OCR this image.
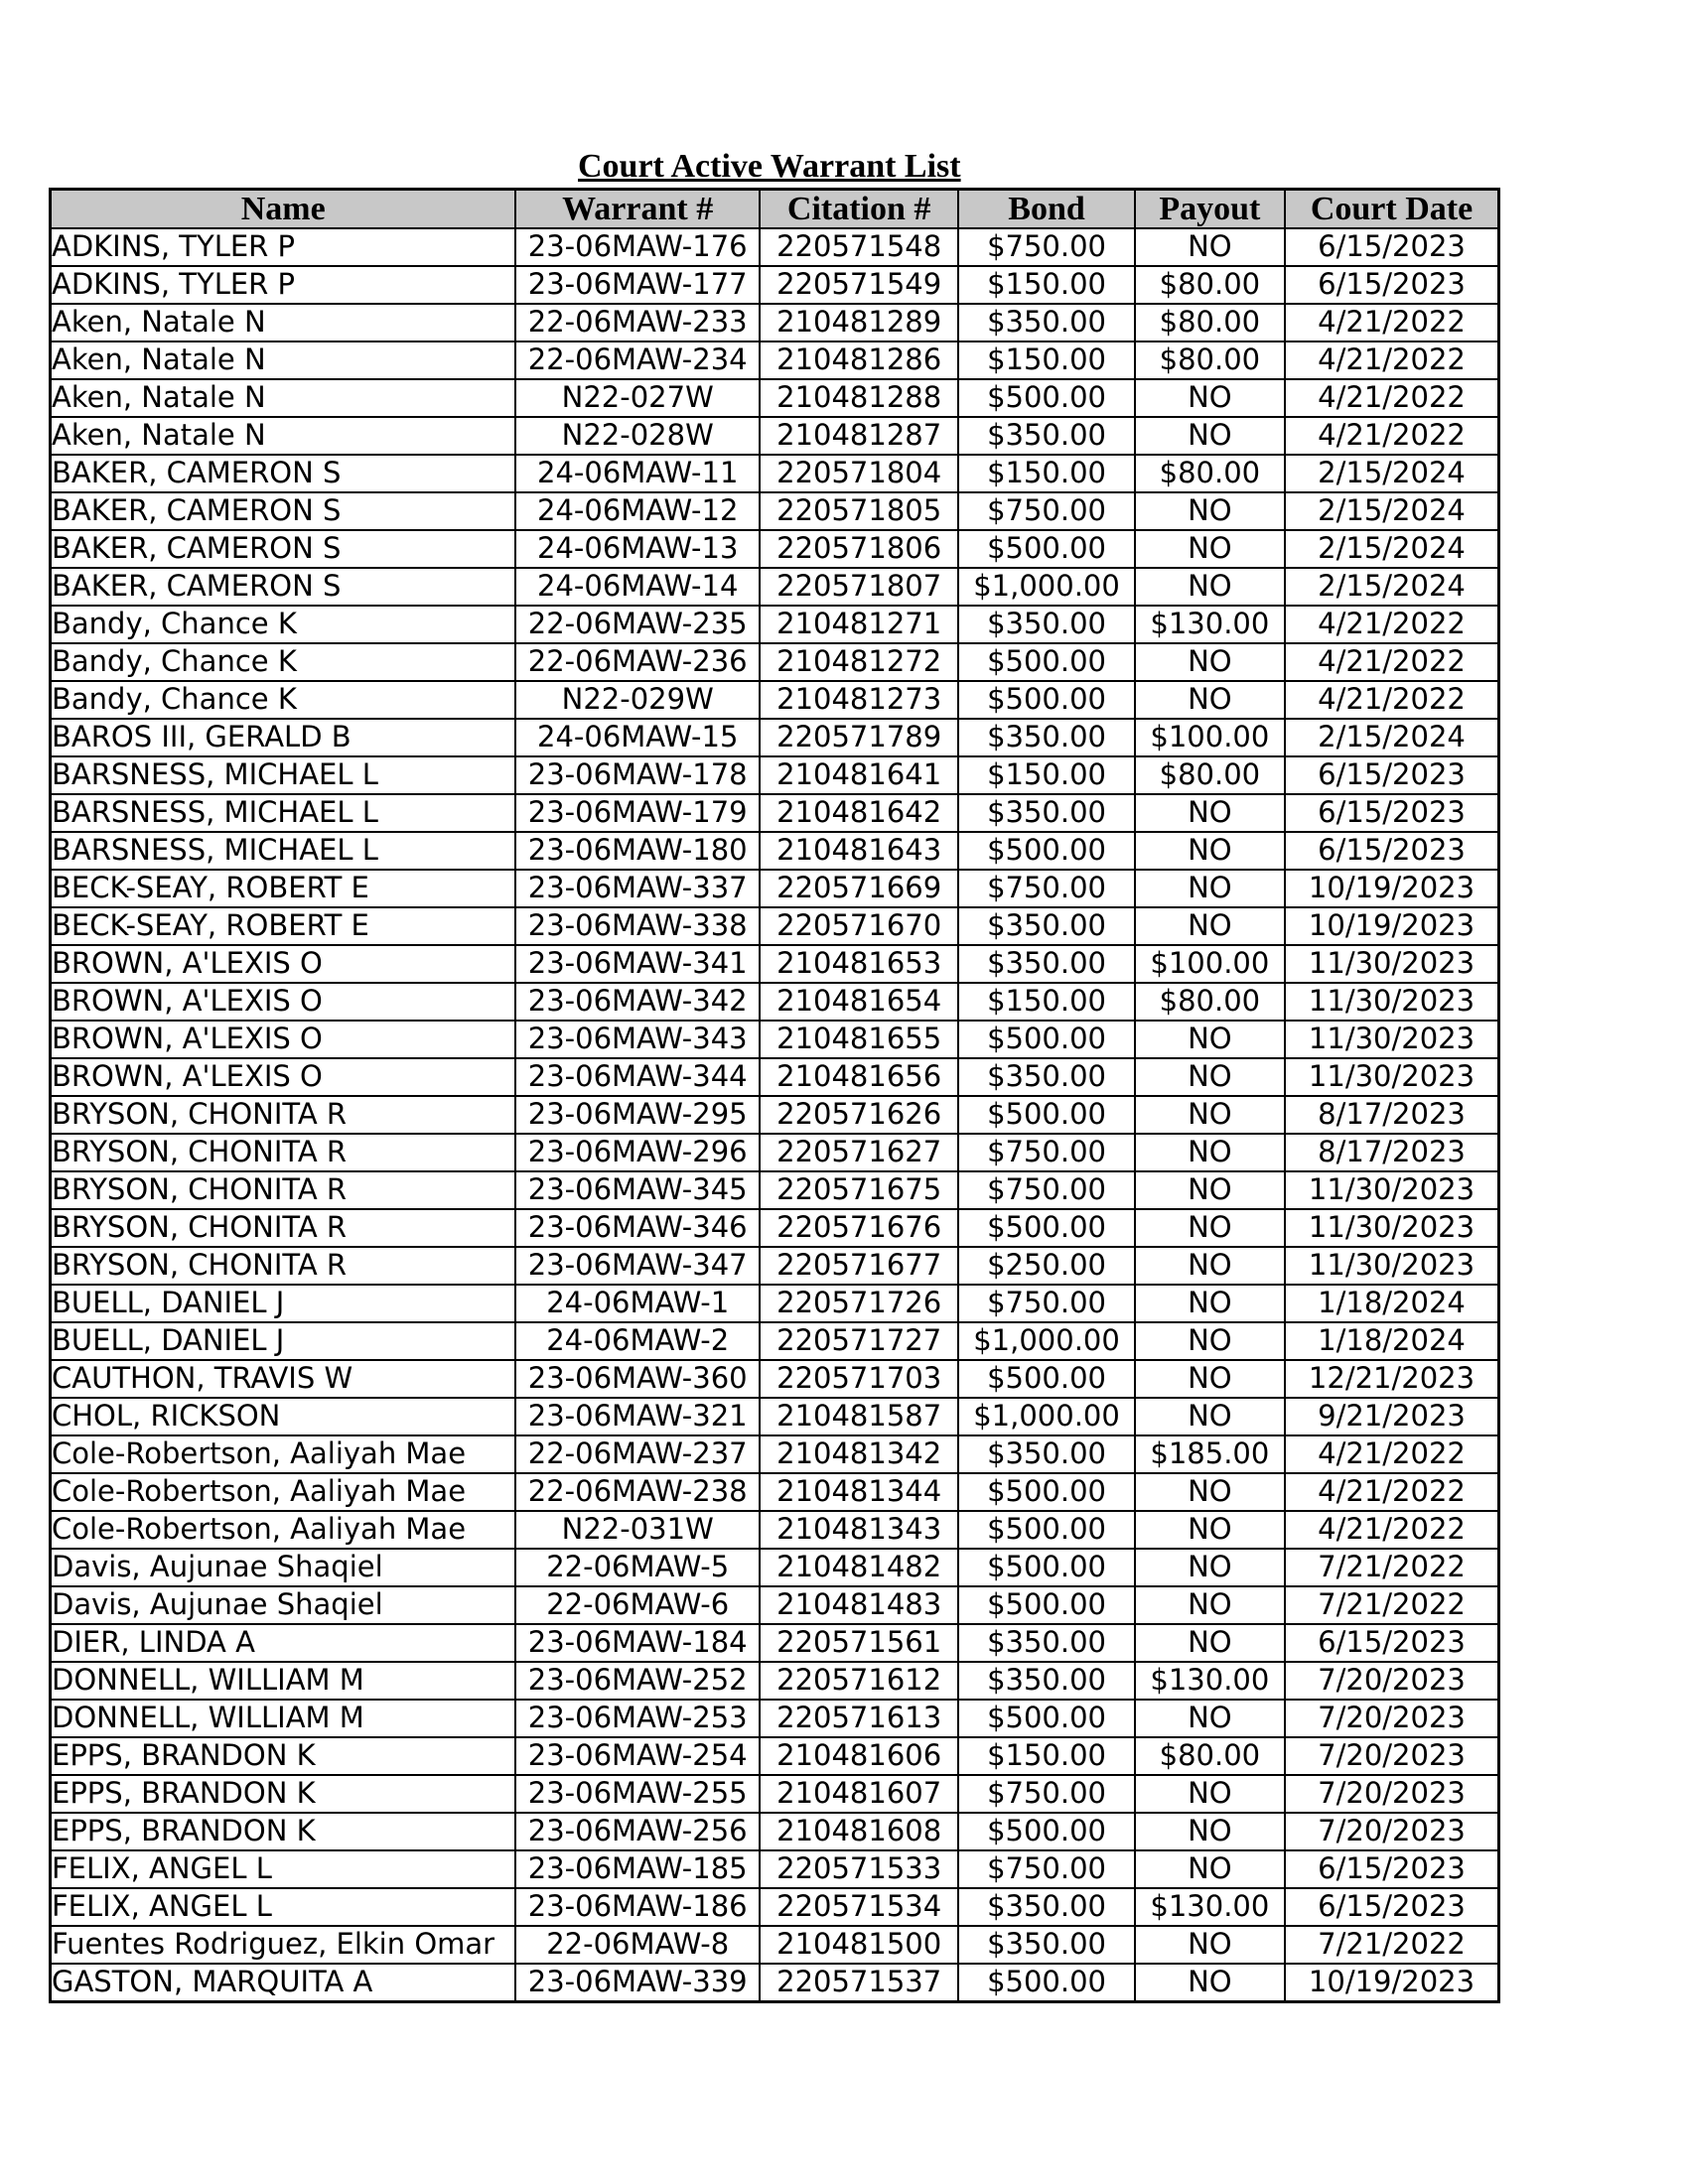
Court Active Warrant List
Name	Warrant #	Citation #	Bond	Payout	Court Date
ADKINS, TYLER P	23-06MAW-176	220571548	$750.00	NO	6/15/2023
ADKINS, TYLER P	23-06MAW-177	220571549	$150.00	$80.00	6/15/2023
Aken, Natale N	22-06MAW-233	210481289	$350.00	$80.00	4/21/2022
Aken, Natale N	22-06MAW-234	210481286	$150.00	$80.00	4/21/2022
Aken, Natale N	N22-027W	210481288	$500.00	NO	4/21/2022
Aken, Natale N	N22-028W	210481287	$350.00	NO	4/21/2022
BAKER, CAMERON S	24-06MAW-11	220571804	$150.00	$80.00	2/15/2024
BAKER, CAMERON S	24-06MAW-12	220571805	$750.00	NO	2/15/2024
BAKER, CAMERON S	24-06MAW-13	220571806	$500.00	NO	2/15/2024
BAKER, CAMERON S	24-06MAW-14	220571807	$1,000.00	NO	2/15/2024
Bandy, Chance K	22-06MAW-235	210481271	$350.00	$130.00	4/21/2022
Bandy, Chance K	22-06MAW-236	210481272	$500.00	NO	4/21/2022
Bandy, Chance K	N22-029W	210481273	$500.00	NO	4/21/2022
BAROS III, GERALD B	24-06MAW-15	220571789	$350.00	$100.00	2/15/2024
BARSNESS, MICHAEL L	23-06MAW-178	210481641	$150.00	$80.00	6/15/2023
BARSNESS, MICHAEL L	23-06MAW-179	210481642	$350.00	NO	6/15/2023
BARSNESS, MICHAEL L	23-06MAW-180	210481643	$500.00	NO	6/15/2023
BECK-SEAY, ROBERT E	23-06MAW-337	220571669	$750.00	NO	10/19/2023
BECK-SEAY, ROBERT E	23-06MAW-338	220571670	$350.00	NO	10/19/2023
BROWN, A'LEXIS O	23-06MAW-341	210481653	$350.00	$100.00	11/30/2023
BROWN, A'LEXIS O	23-06MAW-342	210481654	$150.00	$80.00	11/30/2023
BROWN, A'LEXIS O	23-06MAW-343	210481655	$500.00	NO	11/30/2023
BROWN, A'LEXIS O	23-06MAW-344	210481656	$350.00	NO	11/30/2023
BRYSON, CHONITA R	23-06MAW-295	220571626	$500.00	NO	8/17/2023
BRYSON, CHONITA R	23-06MAW-296	220571627	$750.00	NO	8/17/2023
BRYSON, CHONITA R	23-06MAW-345	220571675	$750.00	NO	11/30/2023
BRYSON, CHONITA R	23-06MAW-346	220571676	$500.00	NO	11/30/2023
BRYSON, CHONITA R	23-06MAW-347	220571677	$250.00	NO	11/30/2023
BUELL, DANIEL J	24-06MAW-1	220571726	$750.00	NO	1/18/2024
BUELL, DANIEL J	24-06MAW-2	220571727	$1,000.00	NO	1/18/2024
CAUTHON, TRAVIS W	23-06MAW-360	220571703	$500.00	NO	12/21/2023
CHOL, RICKSON	23-06MAW-321	210481587	$1,000.00	NO	9/21/2023
Cole-Robertson, Aaliyah Mae	22-06MAW-237	210481342	$350.00	$185.00	4/21/2022
Cole-Robertson, Aaliyah Mae	22-06MAW-238	210481344	$500.00	NO	4/21/2022
Cole-Robertson, Aaliyah Mae	N22-031W	210481343	$500.00	NO	4/21/2022
Davis, Aujunae Shaqiel	22-06MAW-5	210481482	$500.00	NO	7/21/2022
Davis, Aujunae Shaqiel	22-06MAW-6	210481483	$500.00	NO	7/21/2022
DIER, LINDA A	23-06MAW-184	220571561	$350.00	NO	6/15/2023
DONNELL, WILLIAM M	23-06MAW-252	220571612	$350.00	$130.00	7/20/2023
DONNELL, WILLIAM M	23-06MAW-253	220571613	$500.00	NO	7/20/2023
EPPS, BRANDON K	23-06MAW-254	210481606	$150.00	$80.00	7/20/2023
EPPS, BRANDON K	23-06MAW-255	210481607	$750.00	NO	7/20/2023
EPPS, BRANDON K	23-06MAW-256	210481608	$500.00	NO	7/20/2023
FELIX, ANGEL L	23-06MAW-185	220571533	$750.00	NO	6/15/2023
FELIX, ANGEL L	23-06MAW-186	220571534	$350.00	$130.00	6/15/2023
Fuentes Rodriguez, Elkin Omar	22-06MAW-8	210481500	$350.00	NO	7/21/2022
GASTON, MARQUITA A	23-06MAW-339	220571537	$500.00	NO	10/19/2023
